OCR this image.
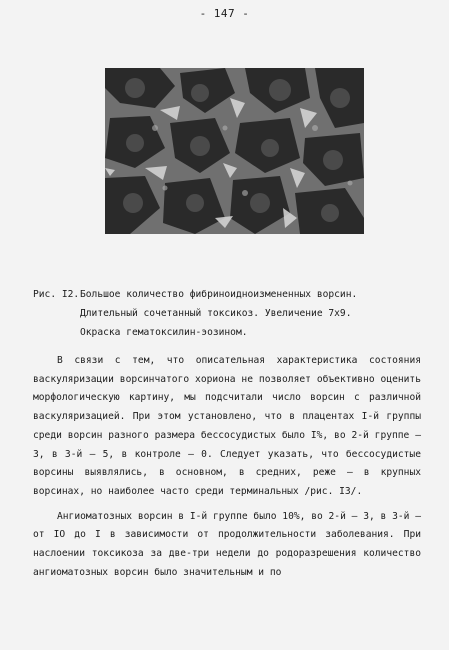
- 147 -
Рис. I2.Большое количество фибриноидноизмененных ворсин.
Длительный сочетанный токсикоз. Увеличение 7х9.
Окраска гематоксилин-эозином.

В связи с тем, что описательная характеристика состояния васкуляризации ворсинчатого хориона не позволяет объективно оценить морфологическую картину, мы подсчитали число ворсин с различной васкуляризацией. При этом установлено, что в плацентах I-й группы среди ворсин разного размера бессосудистых было I%, во 2-й группе – 3, в 3-й – 5, в контроле – 0. Следует указать, что бессосудистые ворсины выявлялись, в основном, в средних, реже – в крупных ворсинах, но наиболее часто среди терминальных /рис. I3/.

Ангиоматозных ворсин в I-й группе было 10%, во 2-й – 3, в 3-й – от IO до I в зависимости от продолжительности заболевания. При наслоении токсикоза за две-три недели до родоразрешения количество ангиоматозных ворсин было значительным и по
